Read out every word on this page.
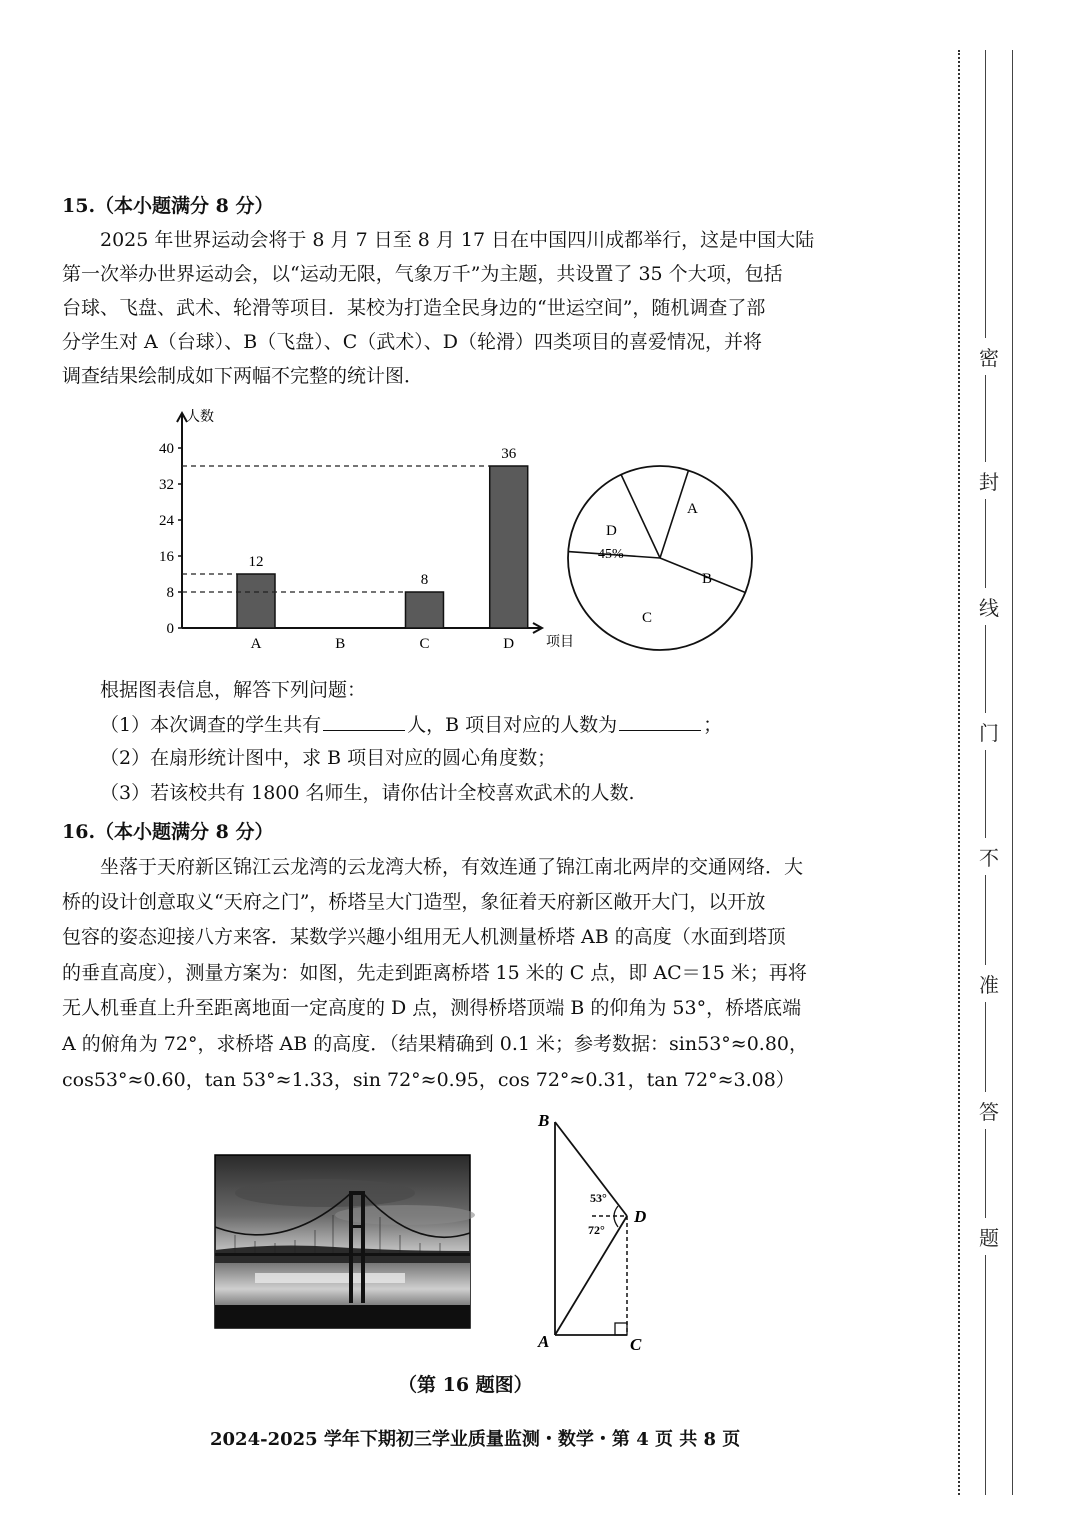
密
封
线
门
不
准
答
题
15.（本小题满分 8 分）
2025 年世界运动会将于 8 月 7 日至 8 月 17 日在中国四川成都举行，这是中国大陆
第一次举办世界运动会，以“运动无限，气象万千”为主题，共设置了 35 个大项，包括
台球、飞盘、武术、轮滑等项目．某校为打造全民身边的“世运空间”，随机调查了部
分学生对 A（台球）、B（飞盘）、C（武术）、D（轮滑）四类项目的喜爱情况，并将
调查结果绘制成如下两幅不完整的统计图．
人数
项目
0
8
16
24
32
40
12
A	B
8
C
36
D
A
B
C
D
45%
根据图表信息，解答下列问题：
（1）本次调查的学生共有	人，B 项目对应的人数为	；
（2）在扇形统计图中，求 B 项目对应的圆心角度数；
（3）若该校共有 1800 名师生，请你估计全校喜欢武术的人数.
16.（本小题满分 8 分）
坐落于天府新区锦江云龙湾的云龙湾大桥，有效连通了锦江南北两岸的交通网络．大
桥的设计创意取义“天府之门”，桥塔呈大门造型，象征着天府新区敞开大门，以开放
包容的姿态迎接八方来客．某数学兴趣小组用无人机测量桥塔 AB 的高度（水面到塔顶
的垂直高度），测量方案为：如图，先走到距离桥塔 15 米的 C 点，即 AC＝15 米；再将
无人机垂直上升至距离地面一定高度的 D 点，测得桥塔顶端 B 的仰角为 53°，桥塔底端
A 的俯角为 72°，求桥塔 AB 的高度．（结果精确到 0.1 米；参考数据：sin53°≈0.80，
cos53°≈0.60，tan 53°≈1.33，sin 72°≈0.95，cos 72°≈0.31，tan 72°≈3.08）
B
D
A	C
53°
72°
（第 16 题图）
2024-2025 学年下期初三学业质量监测・数学・第 4 页 共 8 页
